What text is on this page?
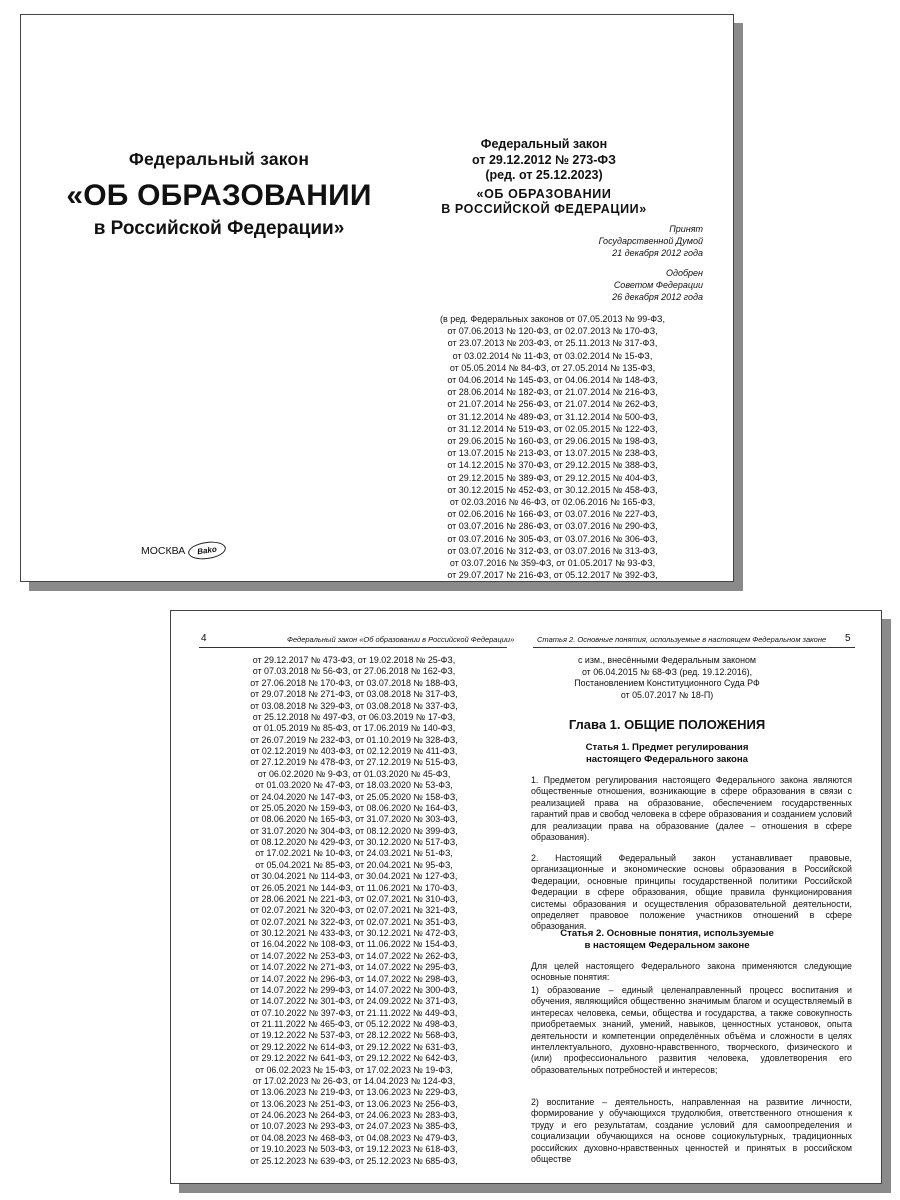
Федеральный закон
«ОБ ОБРАЗОВАНИИ
в Российской Федерации»
МОСКВА	Bako
Федеральный закон
от 29.12.2012 № 273-ФЗ
(ред. от 25.12.2023)
«ОБ ОБРАЗОВАНИИ
В РОССИЙСКОЙ ФЕДЕРАЦИИ»
Принят
Государственной Думой
21 декабря 2012 года
Одобрен
Советом Федерации
26 декабря 2012 года
(в ред. Федеральных законов от 07.05.2013 № 99-ФЗ,
от 07.06.2013 № 120-ФЗ, от 02.07.2013 № 170-ФЗ,
от 23.07.2013 № 203-ФЗ, от 25.11.2013 № 317-ФЗ,
от 03.02.2014 № 11-ФЗ, от 03.02.2014 № 15-ФЗ,
от 05.05.2014 № 84-ФЗ, от 27.05.2014 № 135-ФЗ,
от 04.06.2014 № 145-ФЗ, от 04.06.2014 № 148-ФЗ,
от 28.06.2014 № 182-ФЗ, от 21.07.2014 № 216-ФЗ,
от 21.07.2014 № 256-ФЗ, от 21.07.2014 № 262-ФЗ,
от 31.12.2014 № 489-ФЗ, от 31.12.2014 № 500-ФЗ,
от 31.12.2014 № 519-ФЗ, от 02.05.2015 № 122-ФЗ,
от 29.06.2015 № 160-ФЗ, от 29.06.2015 № 198-ФЗ,
от 13.07.2015 № 213-ФЗ, от 13.07.2015 № 238-ФЗ,
от 14.12.2015 № 370-ФЗ, от 29.12.2015 № 388-ФЗ,
от 29.12.2015 № 389-ФЗ, от 29.12.2015 № 404-ФЗ,
от 30.12.2015 № 452-ФЗ, от 30.12.2015 № 458-ФЗ,
от 02.03.2016 № 46-ФЗ, от 02.06.2016 № 165-ФЗ,
от 02.06.2016 № 166-ФЗ, от 03.07.2016 № 227-ФЗ,
от 03.07.2016 № 286-ФЗ, от 03.07.2016 № 290-ФЗ,
от 03.07.2016 № 305-ФЗ, от 03.07.2016 № 306-ФЗ,
от 03.07.2016 № 312-ФЗ, от 03.07.2016 № 313-ФЗ,
от 03.07.2016 № 359-ФЗ, от 01.05.2017 № 93-ФЗ,
от 29.07.2017 № 216-ФЗ, от 05.12.2017 № 392-ФЗ,
4	Федеральный закон «Об образовании в Российской Федерации»
от 29.12.2017 № 473-ФЗ, от 19.02.2018 № 25-ФЗ,
от 07.03.2018 № 56-ФЗ, от 27.06.2018 № 162-ФЗ,
от 27.06.2018 № 170-ФЗ, от 03.07.2018 № 188-ФЗ,
от 29.07.2018 № 271-ФЗ, от 03.08.2018 № 317-ФЗ,
от 03.08.2018 № 329-ФЗ, от 03.08.2018 № 337-ФЗ,
от 25.12.2018 № 497-ФЗ, от 06.03.2019 № 17-ФЗ,
от 01.05.2019 № 85-ФЗ, от 17.06.2019 № 140-ФЗ,
от 26.07.2019 № 232-ФЗ, от 01.10.2019 № 328-ФЗ,
от 02.12.2019 № 403-ФЗ, от 02.12.2019 № 411-ФЗ,
от 27.12.2019 № 478-ФЗ, от 27.12.2019 № 515-ФЗ,
от 06.02.2020 № 9-ФЗ, от 01.03.2020 № 45-ФЗ,
от 01.03.2020 № 47-ФЗ, от 18.03.2020 № 53-ФЗ,
от 24.04.2020 № 147-ФЗ, от 25.05.2020 № 158-ФЗ,
от 25.05.2020 № 159-ФЗ, от 08.06.2020 № 164-ФЗ,
от 08.06.2020 № 165-ФЗ, от 31.07.2020 № 303-ФЗ,
от 31.07.2020 № 304-ФЗ, от 08.12.2020 № 399-ФЗ,
от 08.12.2020 № 429-ФЗ, от 30.12.2020 № 517-ФЗ,
от 17.02.2021 № 10-ФЗ, от 24.03.2021 № 51-ФЗ,
от 05.04.2021 № 85-ФЗ, от 20.04.2021 № 95-ФЗ,
от 30.04.2021 № 114-ФЗ, от 30.04.2021 № 127-ФЗ,
от 26.05.2021 № 144-ФЗ, от 11.06.2021 № 170-ФЗ,
от 28.06.2021 № 221-ФЗ, от 02.07.2021 № 310-ФЗ,
от 02.07.2021 № 320-ФЗ, от 02.07.2021 № 321-ФЗ,
от 02.07.2021 № 322-ФЗ, от 02.07.2021 № 351-ФЗ,
от 30.12.2021 № 433-ФЗ, от 30.12.2021 № 472-ФЗ,
от 16.04.2022 № 108-ФЗ, от 11.06.2022 № 154-ФЗ,
от 14.07.2022 № 253-ФЗ, от 14.07.2022 № 262-ФЗ,
от 14.07.2022 № 271-ФЗ, от 14.07.2022 № 295-ФЗ,
от 14.07.2022 № 296-ФЗ, от 14.07.2022 № 298-ФЗ,
от 14.07.2022 № 299-ФЗ, от 14.07.2022 № 300-ФЗ,
от 14.07.2022 № 301-ФЗ, от 24.09.2022 № 371-ФЗ,
от 07.10.2022 № 397-ФЗ, от 21.11.2022 № 449-ФЗ,
от 21.11.2022 № 465-ФЗ, от 05.12.2022 № 498-ФЗ,
от 19.12.2022 № 537-ФЗ, от 28.12.2022 № 568-ФЗ,
от 29.12.2022 № 614-ФЗ, от 29.12.2022 № 631-ФЗ,
от 29.12.2022 № 641-ФЗ, от 29.12.2022 № 642-ФЗ,
от 06.02.2023 № 15-ФЗ, от 17.02.2023 № 19-ФЗ,
от 17.02.2023 № 26-ФЗ, от 14.04.2023 № 124-ФЗ,
от 13.06.2023 № 219-ФЗ, от 13.06.2023 № 229-ФЗ,
от 13.06.2023 № 251-ФЗ, от 13.06.2023 № 256-ФЗ,
от 24.06.2023 № 264-ФЗ, от 24.06.2023 № 283-ФЗ,
от 10.07.2023 № 293-ФЗ, от 24.07.2023 № 385-ФЗ,
от 04.08.2023 № 468-ФЗ, от 04.08.2023 № 479-ФЗ,
от 19.10.2023 № 503-ФЗ, от 19.12.2023 № 618-ФЗ,
от 25.12.2023 № 639-ФЗ, от 25.12.2023 № 685-ФЗ,
Статья 2. Основные понятия, используемые в настоящем Федеральном законе 5
с изм., внесёнными Федеральным законом
от 06.04.2015 № 68-ФЗ (ред. 19.12.2016),
Постановлением Конституционного Суда РФ
от 05.07.2017 № 18-П)
Глава 1. ОБЩИЕ ПОЛОЖЕНИЯ
Статья 1. Предмет регулирования
настоящего Федерального закона

1. Предметом регулирования настоящего Федерального закона являются общественные отношения, возникающие в сфере образования в связи с реализацией права на образование, обеспечением государственных гарантий прав и свобод человека в сфере образования и созданием условий для реализации права на образование (далее – отношения в сфере образования).

2. Настоящий Федеральный закон устанавливает правовые, организационные и экономические основы образования в Российской Федерации, основные принципы государственной политики Российской Федерации в сфере образования, общие правила функционирования системы образования и осуществления образовательной деятельности, определяет правовое положение участников отношений в сфере образования.

Статья 2. Основные понятия, используемые
в настоящем Федеральном законе

Для целей настоящего Федерального закона применяются следующие основные понятия:

1) образование – единый целенаправленный процесс воспитания и обучения, являющийся общественно значимым благом и осуществляемый в интересах человека, семьи, общества и государства, а также совокупность приобретаемых знаний, умений, навыков, ценностных установок, опыта деятельности и компетенции определённых объёма и сложности в целях интеллектуального, духовно-нравственного, творческого, физического и (или) профессионального развития человека, удовлетворения его образовательных потребностей и интересов;

2) воспитание – деятельность, направленная на развитие личности, формирование у обучающихся трудолюбия, ответственного отношения к труду и его результатам, создание условий для самоопределения и социализации обучающихся на основе социокультурных, традиционных российских духовно-нравственных ценностей и принятых в российском обществе
